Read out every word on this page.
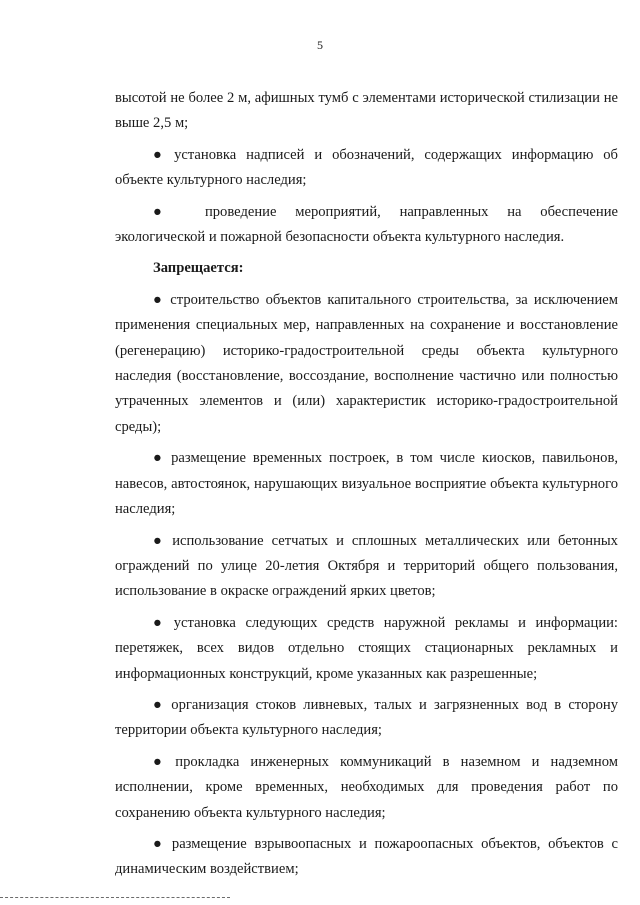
5

высотой не более 2 м, афишных тумб с элементами исторической стилизации не выше 2,5 м;

● установка надписей и обозначений, содержащих информацию об объекте культурного наследия;

● проведение мероприятий, направленных на обеспечение экологической и пожарной безопасности объекта культурного наследия.

Запрещается:

● строительство объектов капитального строительства, за исключением применения специальных мер, направленных на сохранение и восстановление (регенерацию) историко-градостроительной среды объекта культурного наследия (восстановление, воссоздание, восполнение частично или полностью утраченных элементов и (или) характеристик историко-градостроительной среды);

● размещение временных построек, в том числе киосков, павильонов, навесов, автостоянок, нарушающих визуальное восприятие объекта культурного наследия;

● использование сетчатых и сплошных металлических или бетонных ограждений по улице 20-летия Октября и территорий общего пользования, использование в окраске ограждений ярких цветов;

● установка следующих средств наружной рекламы и информации: перетяжек, всех видов отдельно стоящих стационарных рекламных и информационных конструкций, кроме указанных как разрешенные;

● организация стоков ливневых, талых и загрязненных вод в сторону территории объекта культурного наследия;

● прокладка инженерных коммуникаций в наземном и надземном исполнении, кроме временных, необходимых для проведения работ по сохранению объекта культурного наследия;

● размещение взрывоопасных и пожароопасных объектов, объектов с динамическим воздействием;
